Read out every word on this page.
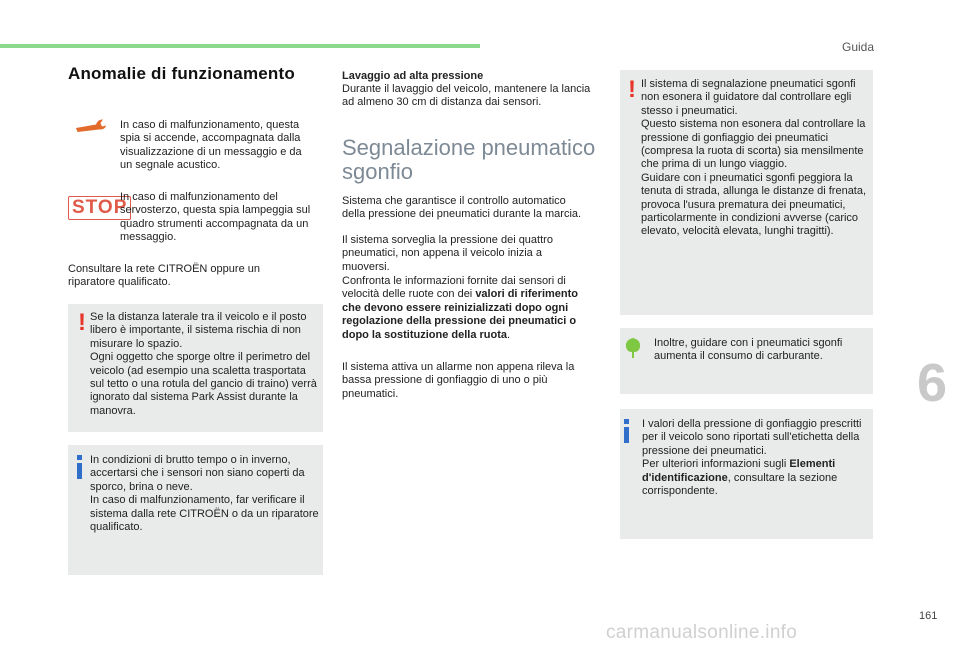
Guida
Anomalie di funzionamento
In caso di malfunzionamento, questa spia si accende, accompagnata dalla visualizzazione di un messaggio e da un segnale acustico.
STOP
In caso di malfunzionamento del servosterzo, questa spia lampeggia sul quadro strumenti accompagnata da un messaggio.
Consultare la rete CITROËN oppure un riparatore qualificato.
! Se la distanza laterale tra il veicolo e il posto libero è importante, il sistema rischia di non misurare lo spazio.
Ogni oggetto che sporge oltre il perimetro del veicolo (ad esempio una scaletta trasportata sul tetto o una rotula del gancio di traino) verrà ignorato dal sistema Park Assist durante la manovra.
In condizioni di brutto tempo o in inverno, accertarsi che i sensori non siano coperti da sporco, brina o neve.
In caso di malfunzionamento, far verificare il sistema dalla rete CITROËN o da un riparatore qualificato.
Lavaggio ad alta pressione
Durante il lavaggio del veicolo, mantenere la lancia ad almeno 30 cm di distanza dai sensori.
Segnalazione pneumatico
sgonfio
Sistema che garantisce il controllo automatico della pressione dei pneumatici durante la marcia.
Il sistema sorveglia la pressione dei quattro pneumatici, non appena il veicolo inizia a muoversi.
Confronta le informazioni fornite dai sensori di velocità delle ruote con dei valori di riferimento che devono essere reinizializzati dopo ogni regolazione della pressione dei pneumatici o dopo la sostituzione della ruota.
Il sistema attiva un allarme non appena rileva la bassa pressione di gonfiaggio di uno o più pneumatici.
! Il sistema di segnalazione pneumatici sgonfi non esonera il guidatore dal controllare egli stesso i pneumatici.
Questo sistema non esonera dal controllare la pressione di gonfiaggio dei pneumatici (compresa la ruota di scorta) sia mensilmente che prima di un lungo viaggio.
Guidare con i pneumatici sgonfi peggiora la tenuta di strada, allunga le distanze di frenata, provoca l'usura prematura dei pneumatici, particolarmente in condizioni avverse (carico elevato, velocità elevata, lunghi tragitti).
Inoltre, guidare con i pneumatici sgonfi aumenta il consumo di carburante.
I valori della pressione di gonfiaggio prescritti per il veicolo sono riportati sull'etichetta della pressione dei pneumatici.
Per ulteriori informazioni sugli Elementi d'identificazione, consultare la sezione corrispondente.
6
161
carmanualsonline.info
